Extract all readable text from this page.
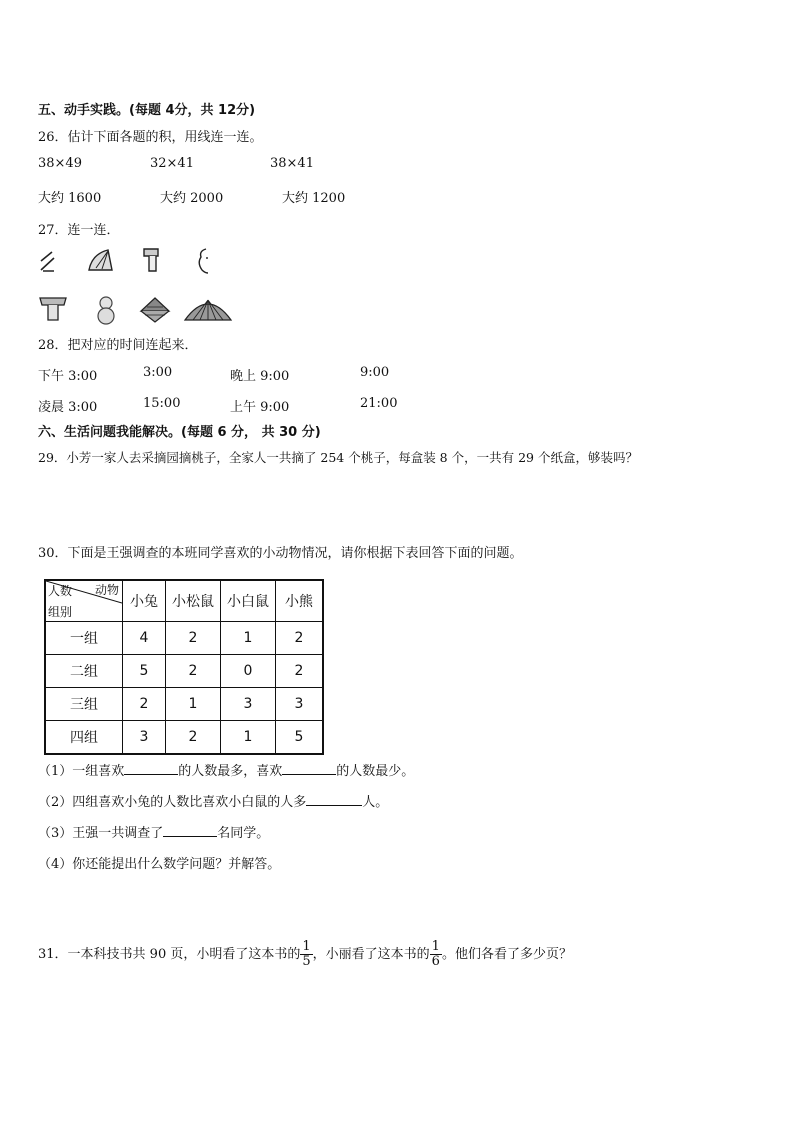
五、动手实践。(每题 4分，共 12分)
26．估计下面各题的积，用线连一连。
38×49	32×41	38×41
大约 1600	大约 2000	大约 1200
27．连一连．
28．把对应的时间连起来．
下午 3:00	3:00	晚上 9:00	9:00
凌晨 3:00	15:00	上午 9:00	21:00
六、生活问题我能解决。(每题 6 分， 共 30 分)
29．小芳一家人去采摘园摘桃子，全家人一共摘了 254 个桃子，每盒装 8 个，一共有 29 个纸盒，够装吗？
30．下面是王强调查的本班同学喜欢的小动物情况，请你根据下表回答下面的问题。
人数 动物
组别	小兔	小松鼠	小白鼠	小熊
一组	4	2	1	2
二组	5	2	0	2
三组	2	1	3	3
四组	3	2	1	5
（1）一组喜欢	的人数最多，喜欢	的人数最少。
（2）四组喜欢小兔的人数比喜欢小白鼠的人多	人。
（3）王强一共调查了	名同学。
（4）你还能提出什么数学问题？并解答。
31．一本科技书共 90 页，小明看了这本书的 $\frac{1}{5}$ ，小丽看了这本书的 $\frac{1}{6}$ 。他们各看了多少页？
